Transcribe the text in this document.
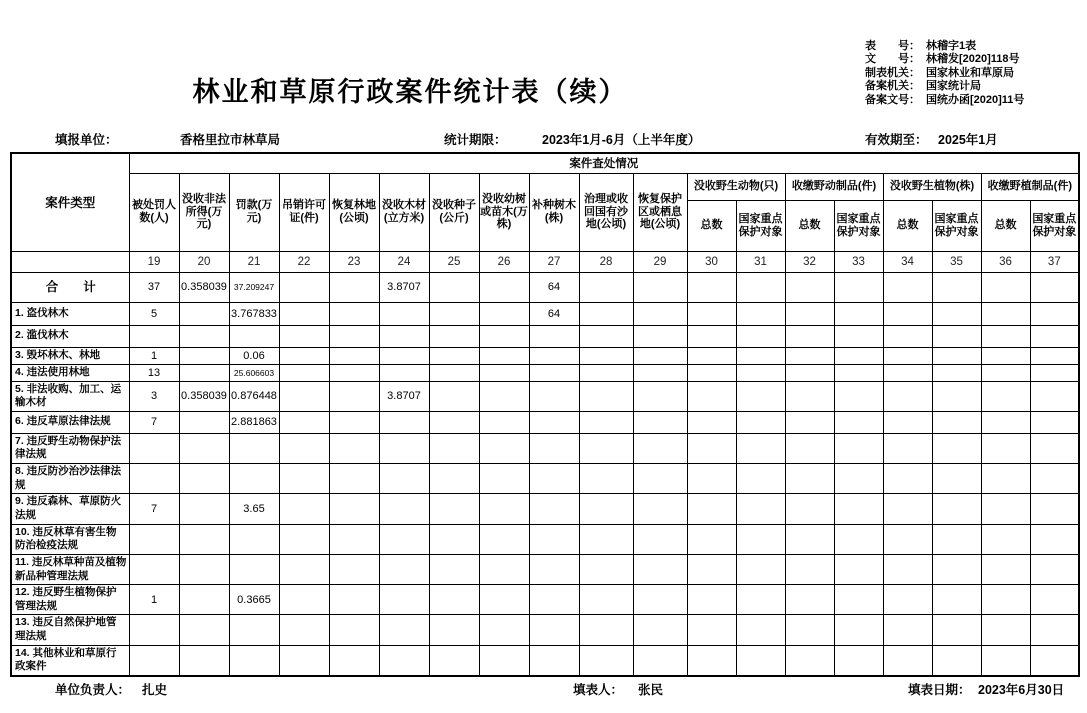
林业和草原行政案件统计表（续）
表　　号： 林稽字1表
文　　号： 林稽发[2020]118号
制表机关： 国家林业和草原局
备案机关： 国家统计局
备案文号： 国统办函[2020]11号
填报单位：	香格里拉市林草局	统计期限：	2023年1月-6月（上半年度）	有效期至： 2025年1月
案件类型	案件查处情况																		
	被处罚人数(人)	没收非法所得(万元)	罚款(万元)	吊销许可证(件)	恢复林地(公顷)	没收木材(立方米)	没收种子(公斤)	没收幼树或苗木(万株)	补种树木(株)	治理或收回国有沙地(公顷)	恢复保护区或栖息地(公顷)	没收野生动物(只)		收缴野动制品(件)		没收野生植物(株)		收缴野植制品(件)	
												总数	国家重点保护对象	总数	国家重点保护对象	总数	国家重点保护对象	总数	国家重点保护对象
	19	20	21	22	23	24	25	26	27	28	29	30	31	32	33	34	35	36	37
合　　计	37	0.358039	37.209247			3.8707			64										
1. 盗伐林木	5		3.767833						64										
2. 滥伐林木																			
3. 毁坏林木、林地	1		0.06																
4. 违法使用林地	13		25.606603																
5. 非法收购、加工、运输木材	3	0.358039	0.876448			3.8707													
6. 违反草原法律法规	7		2.881863																
7. 违反野生动物保护法律法规																			
8. 违反防沙治沙法律法规																			
9. 违反森林、草原防火法规	7		3.65																
10. 违反林草有害生物防治检疫法规																			
11. 违反林草种苗及植物新品种管理法规																			
12. 违反野生植物保护管理法规	1		0.3665																
13. 违反自然保护地管理法规																			
14. 其他林业和草原行政案件																			
单位负责人： 扎史	填表人： 张民	填表日期： 2023年6月30日
